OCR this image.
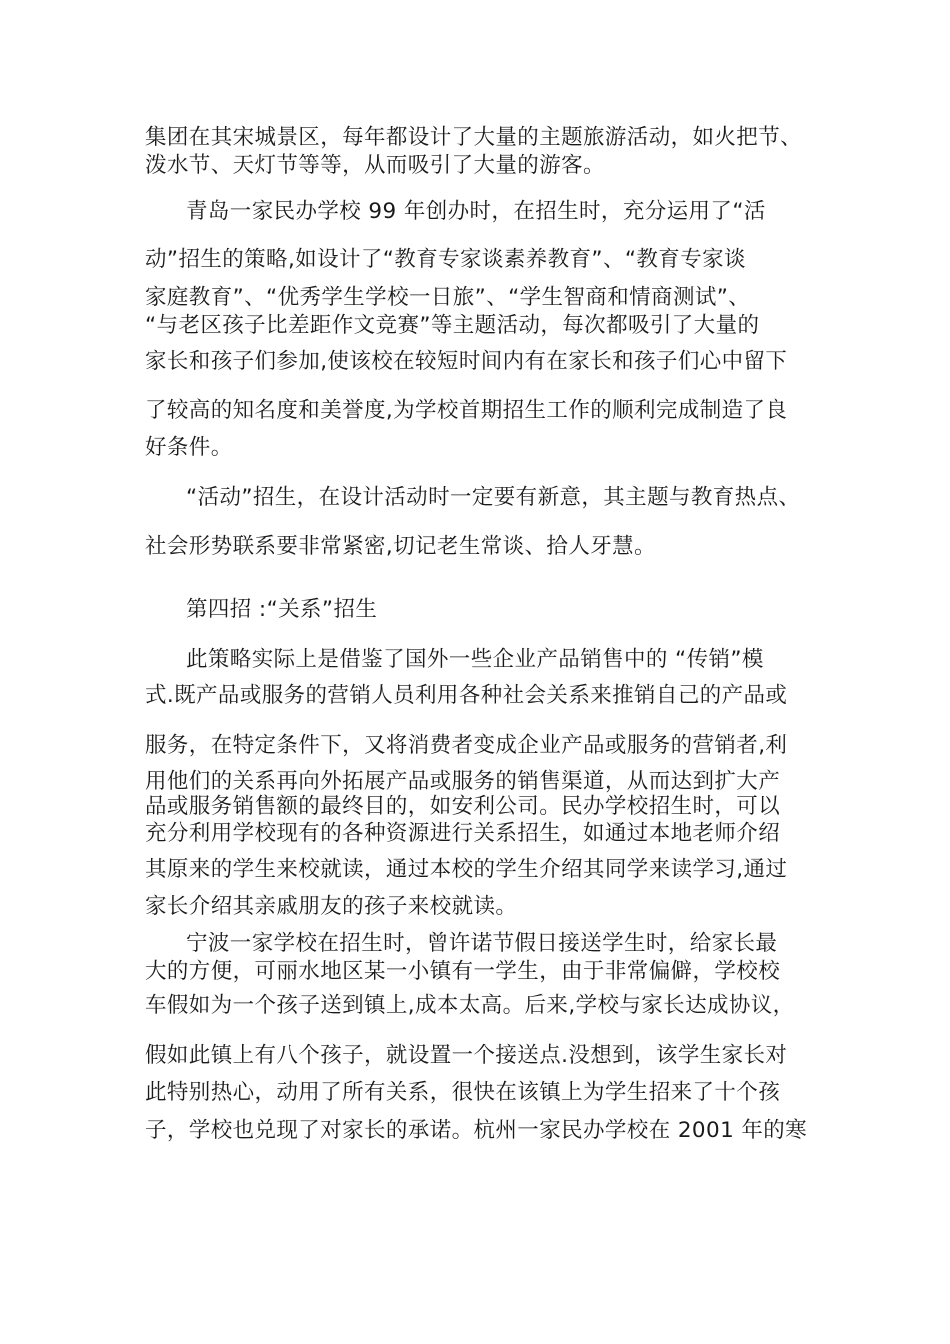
集团在其宋城景区，每年都设计了大量的主题旅游活动，如火把节、
泼水节、天灯节等等，从而吸引了大量的游客。
青岛一家民办学校 99 年创办时，在招生时，充分运用了“活
动”招生的策略,如设计了“教育专家谈素养教育”、“教育专家谈
家庭教育”、“优秀学生学校一日旅”、“学生智商和情商测试”、
“与老区孩子比差距作文竞赛”等主题活动，每次都吸引了大量的
家长和孩子们参加,使该校在较短时间内有在家长和孩子们心中留下
了较高的知名度和美誉度,为学校首期招生工作的顺利完成制造了良
好条件。
“活动”招生，在设计活动时一定要有新意，其主题与教育热点、
社会形势联系要非常紧密,切记老生常谈、拾人牙慧。
第四招 :“关系”招生
此策略实际上是借鉴了国外一些企业产品销售中的 “传销”模
式.既产品或服务的营销人员利用各种社会关系来推销自己的产品或
服务，在特定条件下，又将消费者变成企业产品或服务的营销者,利
用他们的关系再向外拓展产品或服务的销售渠道，从而达到扩大产
品或服务销售额的最终目的，如安利公司。民办学校招生时，可以
充分利用学校现有的各种资源进行关系招生，如通过本地老师介绍
其原来的学生来校就读，通过本校的学生介绍其同学来读学习,通过
家长介绍其亲戚朋友的孩子来校就读。
宁波一家学校在招生时，曾许诺节假日接送学生时，给家长最
大的方便，可丽水地区某一小镇有一学生，由于非常偏僻，学校校
车假如为一个孩子送到镇上,成本太高。后来,学校与家长达成协议，
假如此镇上有八个孩子，就设置一个接送点.没想到，该学生家长对
此特别热心，动用了所有关系，很快在该镇上为学生招来了十个孩
子，学校也兑现了对家长的承诺。杭州一家民办学校在 2001 年的寒
